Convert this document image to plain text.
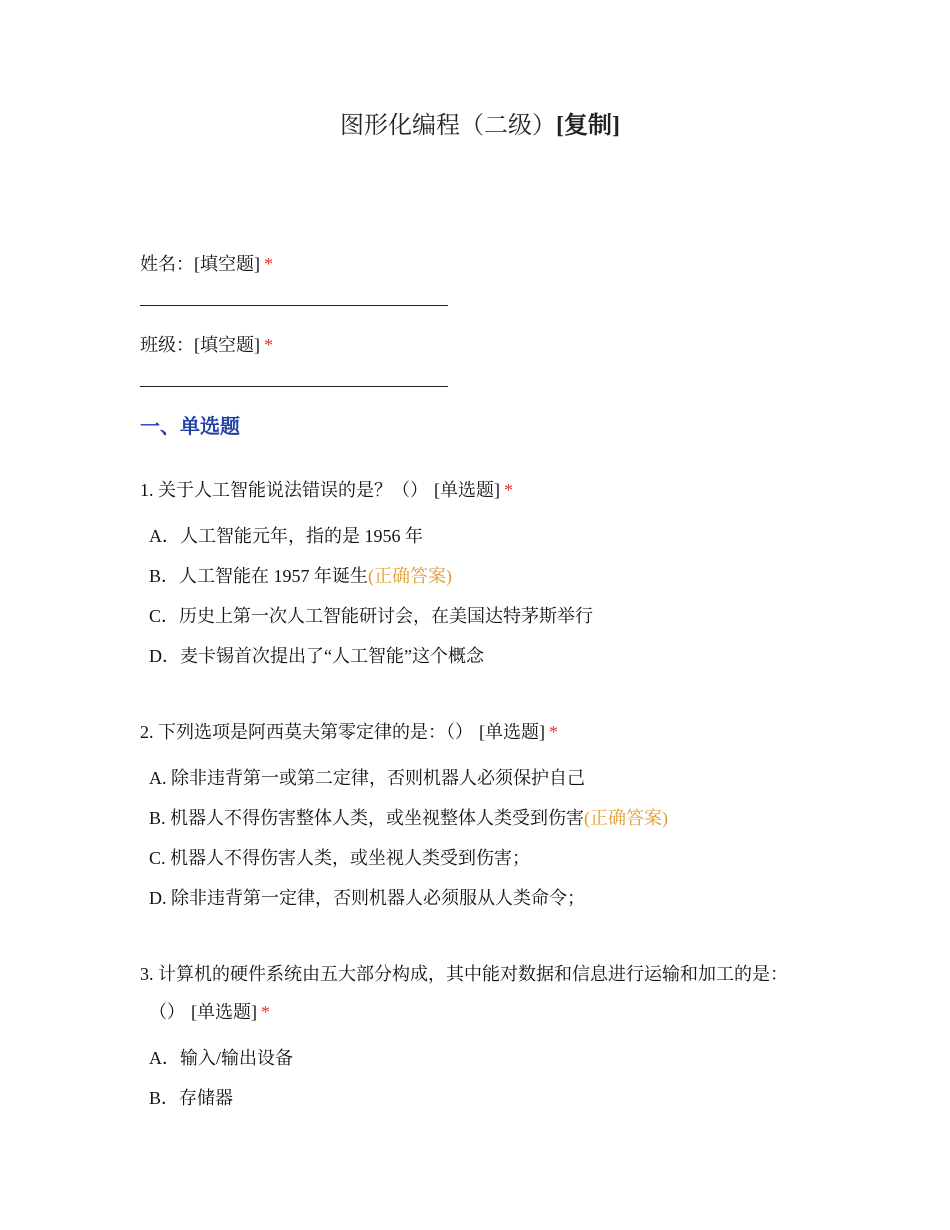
图形化编程（二级）[复制]
姓名：[填空题] *
班级：[填空题] *
一、单选题
1. 关于人工智能说法错误的是？（） [单选题] *
A．人工智能元年，指的是 1956 年
B．人工智能在 1957 年诞生(正确答案)
C．历史上第一次人工智能研讨会，在美国达特茅斯举行
D．麦卡锡首次提出了“人工智能”这个概念
2. 下列选项是阿西莫夫第零定律的是：（） [单选题] *
A. 除非违背第一或第二定律，否则机器人必须保护自己
B. 机器人不得伤害整体人类，或坐视整体人类受到伤害(正确答案)
C. 机器人不得伤害人类，或坐视人类受到伤害；
D. 除非违背第一定律，否则机器人必须服从人类命令；
3. 计算机的硬件系统由五大部分构成，其中能对数据和信息进行运输和加工的是：
（） [单选题] *
A．输入/输出设备
B．存储器
